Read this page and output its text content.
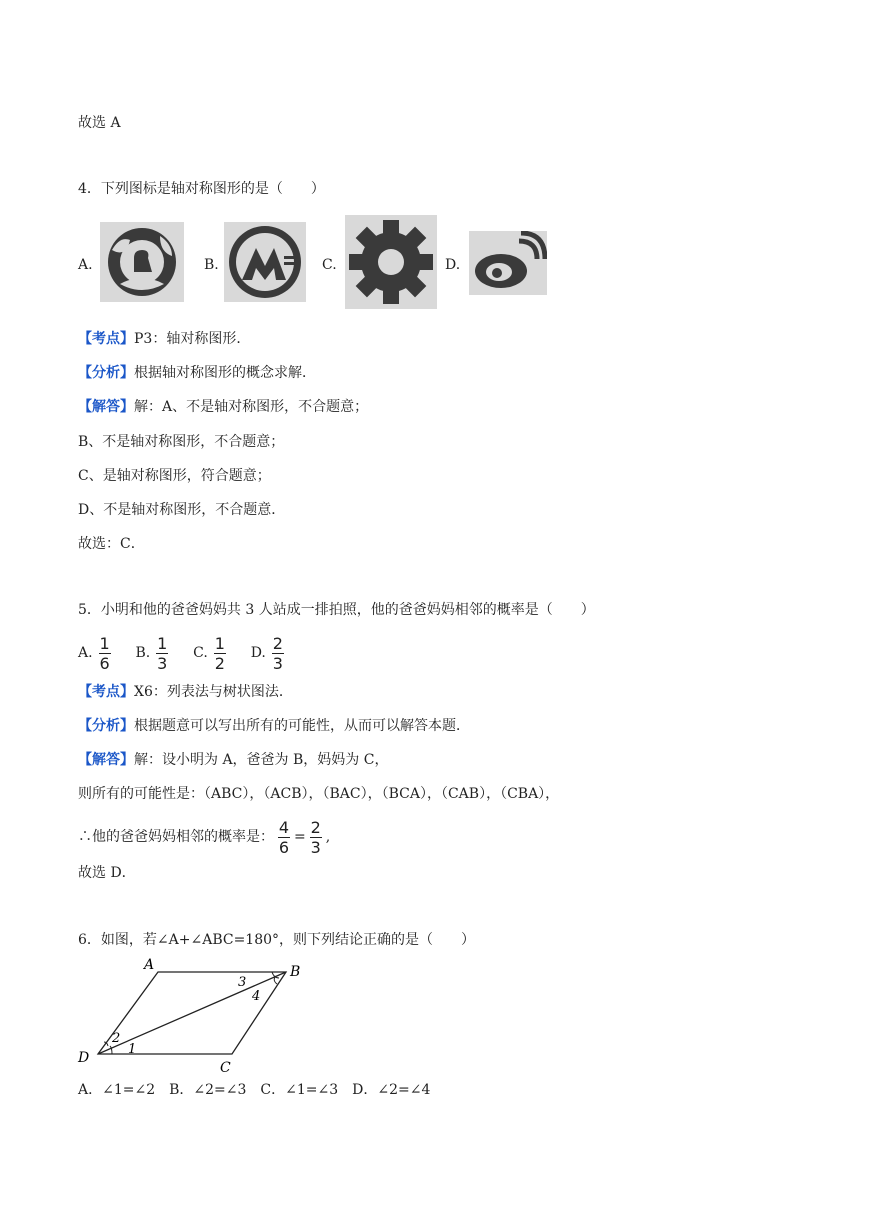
故选 A
4．下列图标是轴对称图形的是（　　）
A.	B.	C.	D.
【考点】P3：轴对称图形．
【分析】根据轴对称图形的概念求解．
【解答】解：A、不是轴对称图形，不合题意；
B、不是轴对称图形，不合题意；
C、是轴对称图形，符合题意；
D、不是轴对称图形，不合题意．
故选：C．
5．小明和他的爸爸妈妈共 3 人站成一排拍照，他的爸爸妈妈相邻的概率是（　　）
A. $\frac{1}{6} B$. $\frac{1}{3} C$. $\frac{1}{2} D$. $\frac{2}{3}$
【考点】X6：列表法与树状图法．
【分析】根据题意可以写出所有的可能性，从而可以解答本题．
【解答】解：设小明为 A，爸爸为 B，妈妈为 C，
则所有的可能性是：（ABC），（ACB），（BAC），（BCA），（CAB），（CBA），
∴他的爸爸妈妈相邻的概率是： $\frac{4}{6} = \frac{2}{3}$ ,
故选 D．
6．如图，若∠A+∠ABC=180°，则下列结论正确的是（　　）
A	B
C
D
1
2
3
4
A．∠1=∠2　B．∠2=∠3　C．∠1=∠3　D．∠2=∠4
